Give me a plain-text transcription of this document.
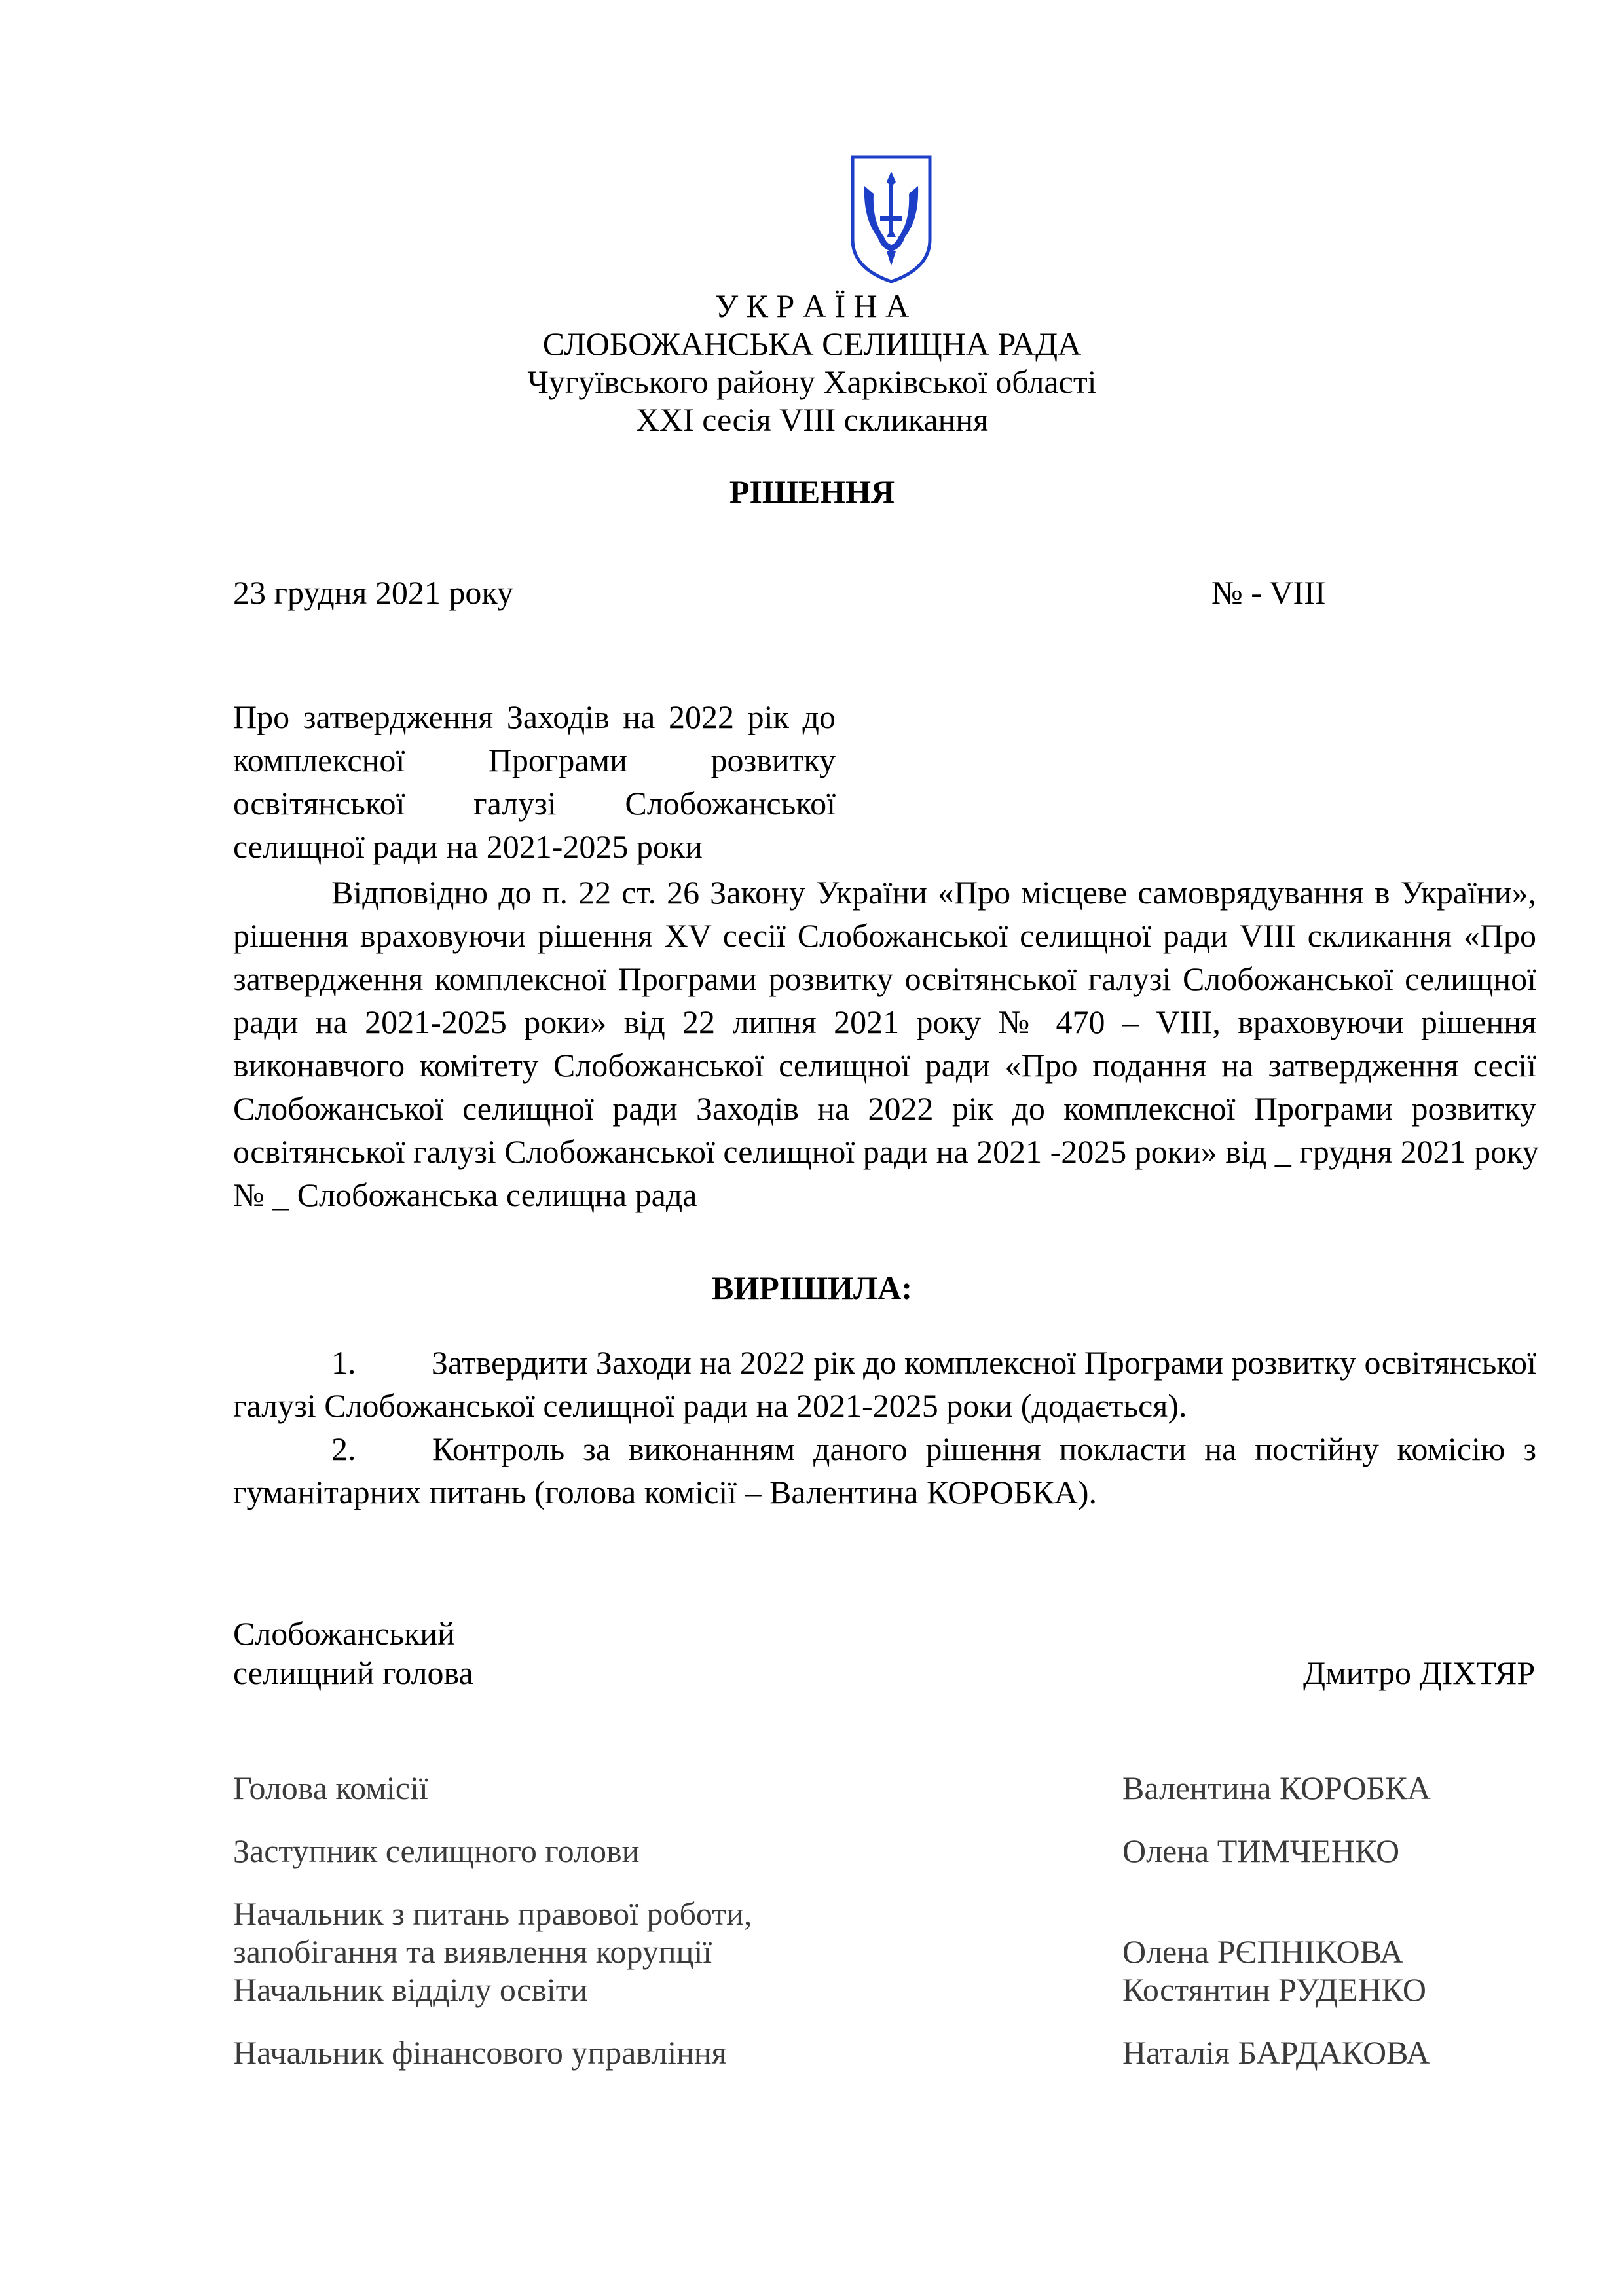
У К Р А Ї Н А
СЛОБОЖАНСЬКА СЕЛИЩНА РАДА
Чугуївського району Харківської області
XXI сесія VIII скликання
РІШЕННЯ
23 грудня 2021 року	№ - VIII
Про затвердження Заходів на 2022 рік до
комплексної Програми розвитку
освітянської галузі Слобожанської
селищної ради на 2021-2025 роки
Відповідно до п. 22 ст. 26 Закону України «Про місцеве самоврядування в України»,
рішення враховуючи рішення XV сесії Слобожанської селищної ради VIII скликання «Про
затвердження комплексної Програми розвитку освітянської галузі Слобожанської селищної
ради на 2021-2025 роки» від 22 липня 2021 року № 470 – VIII, враховуючи рішення
виконавчого комітету Слобожанської селищної ради «Про подання на затвердження сесії
Слобожанської селищної ради Заходів на 2022 рік до комплексної Програми розвитку
освітянської галузі Слобожанської селищної ради на 2021 -2025 роки» від _ грудня 2021 року
№ _ Слобожанська селищна рада
ВИРІШИЛА:
1.	Затвердити Заходи на 2022 рік до комплексної Програми розвитку освітянської
галузі Слобожанської селищної ради на 2021-2025 роки (додається).
2.	Контроль за виконанням даного рішення покласти на постійну комісію з
гуманітарних питань (голова комісії – Валентина КОРОБКА).
Слобожанський
селищний голова	Дмитро ДІХТЯР
Голова комісії	Валентина КОРОБКА
Заступник селищного голови	Олена ТИМЧЕНКО
Начальник з питань правової роботи,
запобігання та виявлення корупції	Олена РЄПНІКОВА
Начальник відділу освіти	Костянтин РУДЕНКО
Начальник фінансового управління	Наталія БАРДАКОВА
